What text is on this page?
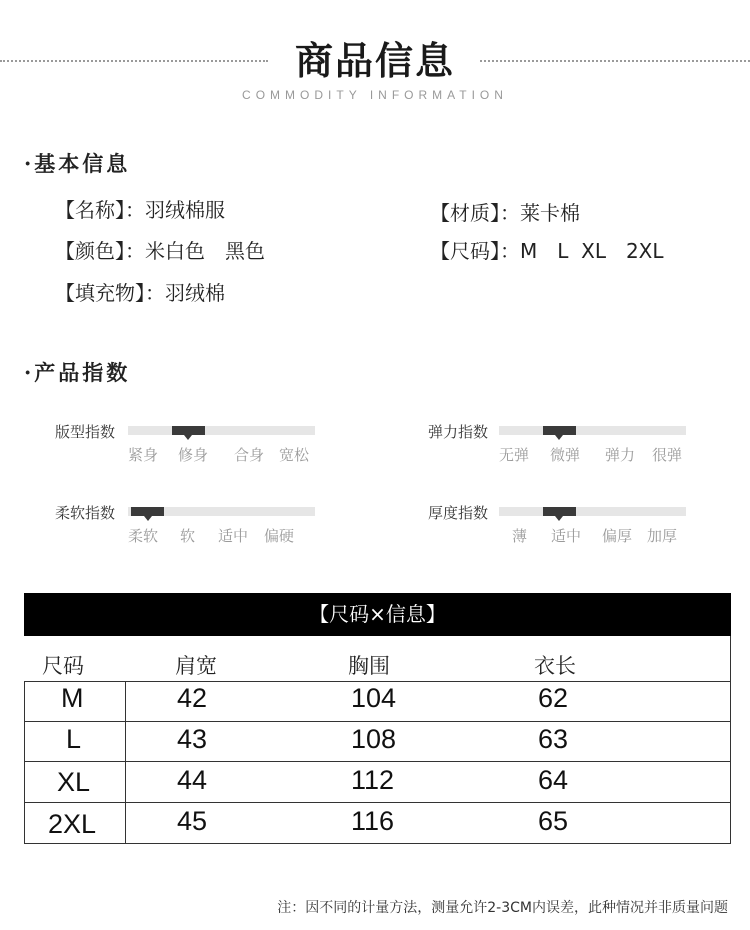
商品信息
COMMODITY INFORMATION
·基本信息
【名称】：羽绒棉服	【材质】：莱卡棉
【颜色】：米白色　黑色	【尺码】：M　L  XL　2XL
【填充物】：羽绒棉
·产品指数
版型指数
紧身 修身 合身 宽松
弹力指数
无弹 微弹 弹力 很弹
柔软指数
柔软 软 适中 偏硬
厚度指数
薄 适中 偏厚 加厚
【尺码×信息】
尺码	肩宽	胸围	衣长
M	42	104	62
L	43	108	63
XL	44	112	64
2XL	45	116	65
注：因不同的计量方法，测量允许2-3CM内误差，此种情况并非质量问题
